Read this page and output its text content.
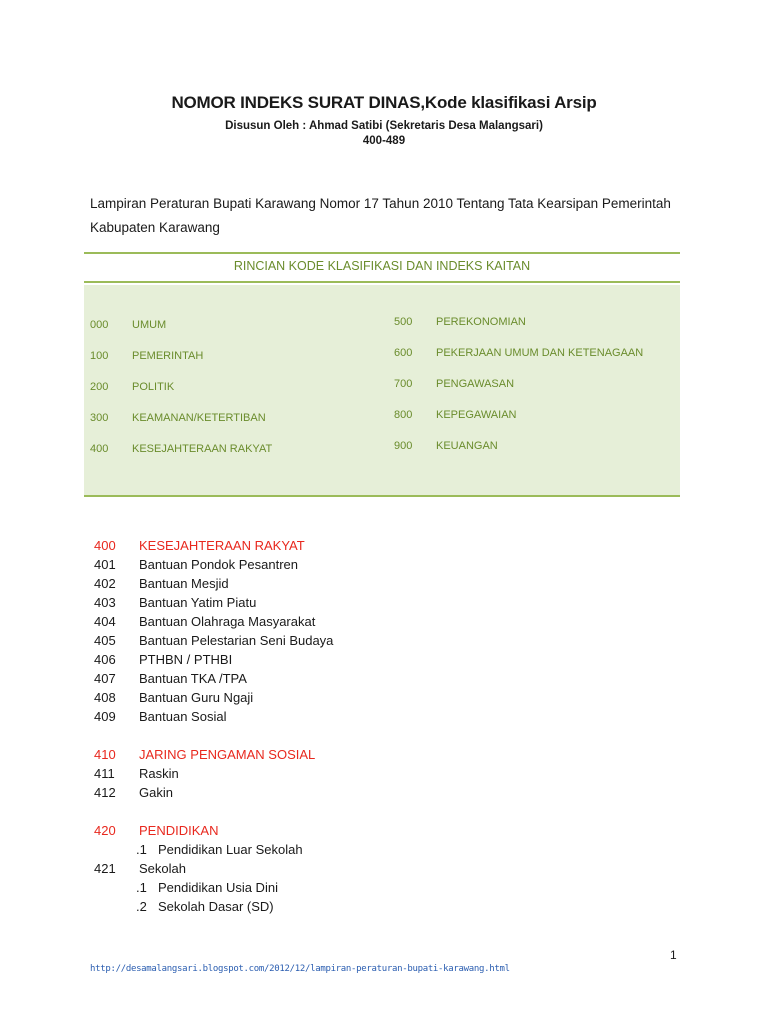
NOMOR INDEKS SURAT DINAS,Kode klasifikasi Arsip
Disusun Oleh : Ahmad Satibi (Sekretaris Desa Malangsari)
400-489
Lampiran Peraturan Bupati Karawang Nomor 17 Tahun 2010 Tentang Tata Kearsipan Pemerintah Kabupaten Karawang
RINCIAN KODE KLASIFIKASI DAN INDEKS KAITAN
000 UMUM
100 PEMERINTAH
200 POLITIK
300 KEAMANAN/KETERTIBAN
400 KESEJAHTERAAN RAKYAT
500 PEREKONOMIAN
600 PEKERJAAN UMUM DAN KETENAGAAN
700 PENGAWASAN
800 KEPEGAWAIAN
900 KEUANGAN
400 KESEJAHTERAAN RAKYAT
401 Bantuan Pondok Pesantren
402 Bantuan Mesjid
403 Bantuan Yatim Piatu
404 Bantuan Olahraga Masyarakat
405 Bantuan Pelestarian Seni Budaya
406 PTHBN / PTHBI
407 Bantuan TKA /TPA
408 Bantuan Guru Ngaji
409 Bantuan Sosial
410 JARING PENGAMAN SOSIAL
411 Raskin
412 Gakin
420 PENDIDIKAN
.1 Pendidikan Luar Sekolah
421 Sekolah
.1 Pendidikan Usia Dini
.2 Sekolah Dasar (SD)
1
http://desamalangsari.blogspot.com/2012/12/lampiran-peraturan-bupati-karawang.html
